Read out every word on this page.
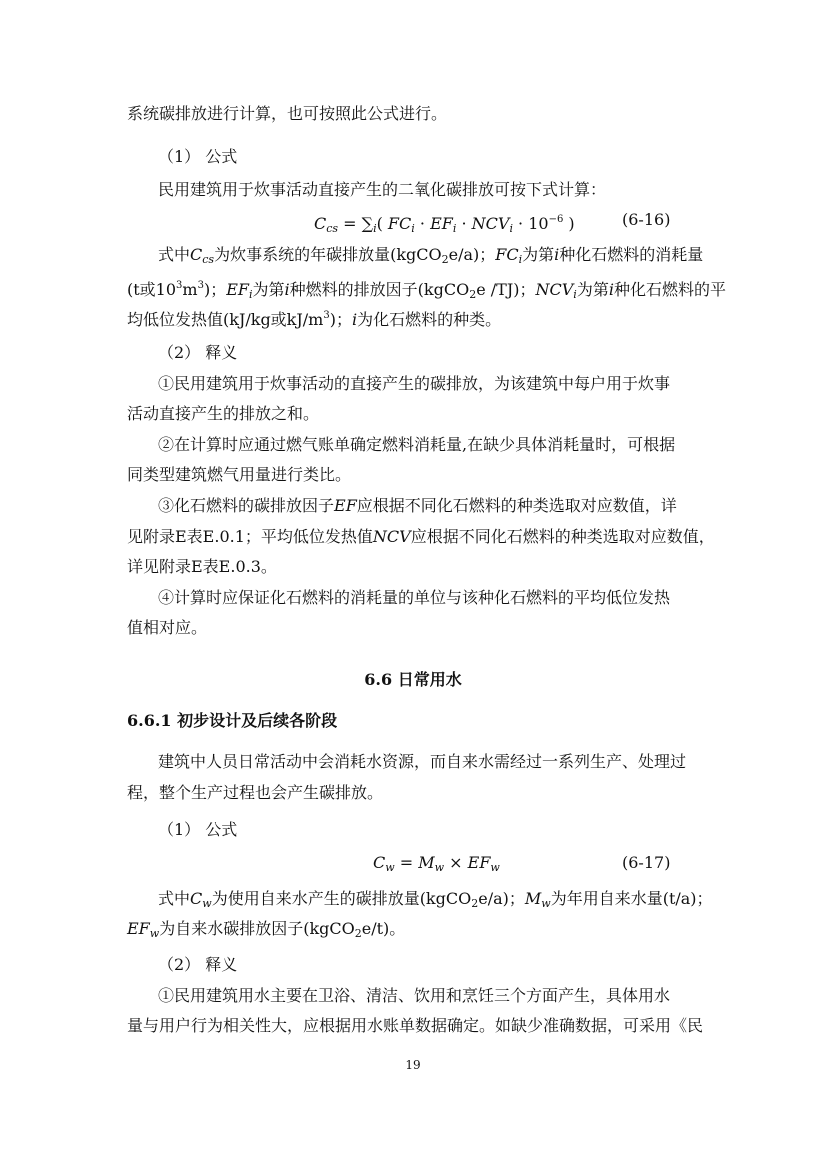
系统碳排放进行计算，也可按照此公式进行。
（1） 公式
民用建筑用于炊事活动直接产生的二氧化碳排放可按下式计算：
$C_{cs} = \sum_i$( $FC_i \cdot EF_i \cdot NCV_i \cdot 10^{-6}$ )	(6-16)
式中$C_{cs}$为炊事系统的年碳排放量(kgCO$_2$e/a)；$FC_i$为第i种化石燃料的消耗量
(t或$10^3m^3$)；$EF_i$为第i种燃料的排放因子(kgCO$_2$e /TJ)；$NCV_i$为第i种化石燃料的平
均低位发热值(kJ/kg或$kJ/m^3$)；i为化石燃料的种类。
（2） 释义
①民用建筑用于炊事活动的直接产生的碳排放，为该建筑中每户用于炊事
活动直接产生的排放之和。
②在计算时应通过燃气账单确定燃料消耗量,在缺少具体消耗量时，可根据
同类型建筑燃气用量进行类比。
③化石燃料的碳排放因子EF应根据不同化石燃料的种类选取对应数值，详
见附录E表E.0.1；平均低位发热值NCV应根据不同化石燃料的种类选取对应数值，
详见附录E表E.0.3。
④计算时应保证化石燃料的消耗量的单位与该种化石燃料的平均低位发热
值相对应。
6.6 日常用水
6.6.1 初步设计及后续各阶段
建筑中人员日常活动中会消耗水资源，而自来水需经过一系列生产、处理过
程，整个生产过程也会产生碳排放。
（1） 公式
$C_w = M_w \times EF_w$	(6-17)
式中$C_w$为使用自来水产生的碳排放量(kgCO$_2$e/a)；$M_w$为年用自来水量(t/a)；
$EF_w$为自来水碳排放因子(kgCO$_2$e/t)。
（2） 释义
①民用建筑用水主要在卫浴、清洁、饮用和烹饪三个方面产生，具体用水
量与用户行为相关性大，应根据用水账单数据确定。如缺少准确数据，可采用《民
19
